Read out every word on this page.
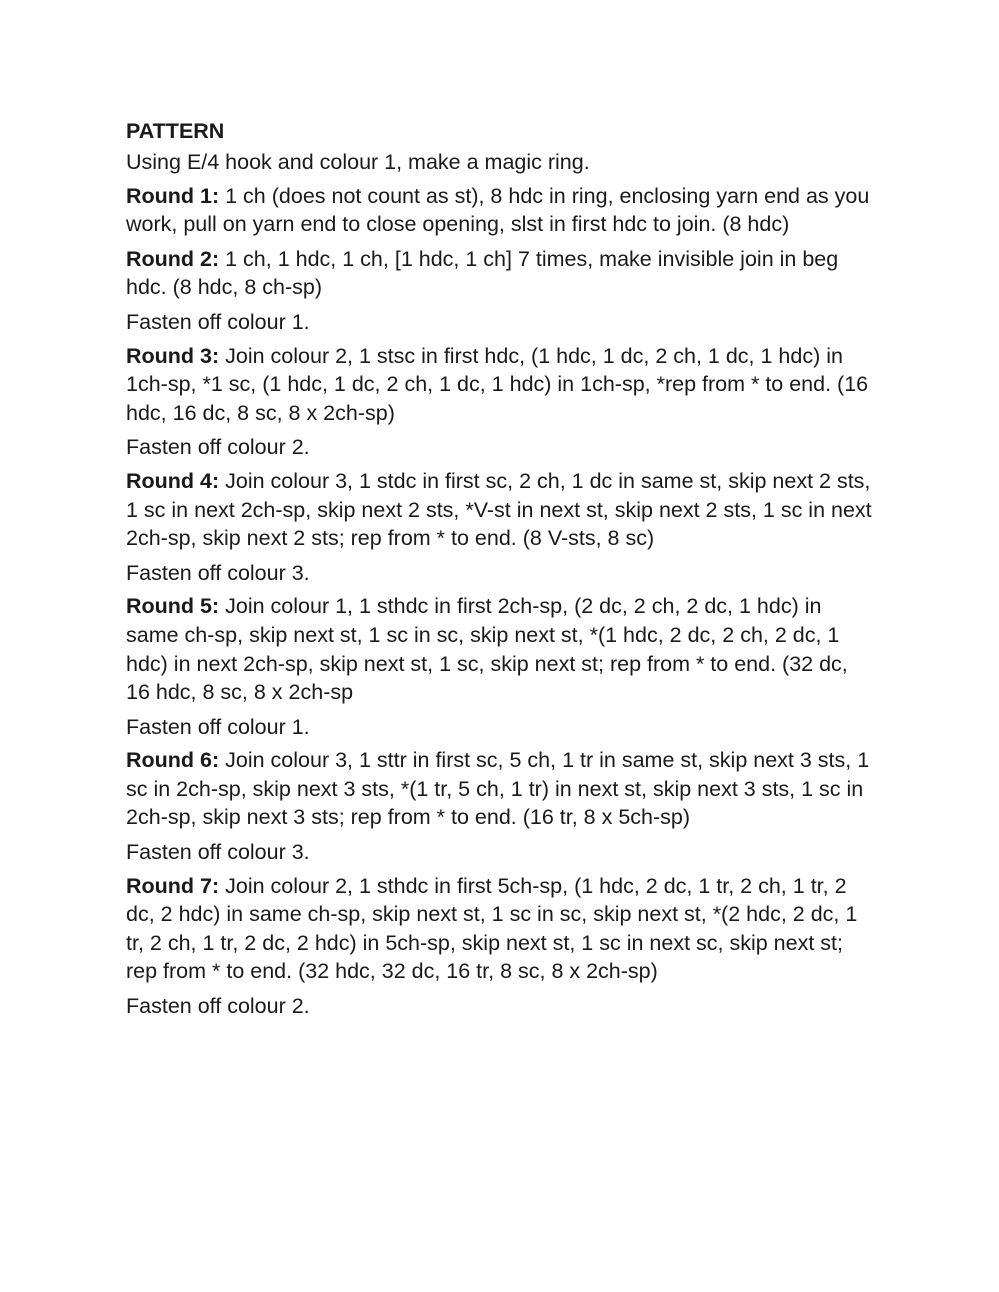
PATTERN
Using E/4 hook and colour 1, make a magic ring.
Round 1: 1 ch (does not count as st), 8 hdc in ring, enclosing yarn end as you work, pull on yarn end to close opening, slst in first hdc to join. (8 hdc)
Round 2: 1 ch, 1 hdc, 1 ch, [1 hdc, 1 ch] 7 times, make invisible join in beg hdc. (8 hdc, 8 ch-sp)
Fasten off colour 1.
Round 3: Join colour 2, 1 stsc in first hdc, (1 hdc, 1 dc, 2 ch, 1 dc, 1 hdc) in 1ch-sp, *1 sc, (1 hdc, 1 dc, 2 ch, 1 dc, 1 hdc) in 1ch-sp, *rep from * to end. (16 hdc, 16 dc, 8 sc, 8 x 2ch-sp)
Fasten off colour 2.
Round 4: Join colour 3, 1 stdc in first sc, 2 ch, 1 dc in same st, skip next 2 sts, 1 sc in next 2ch-sp, skip next 2 sts, *V-st in next st, skip next 2 sts, 1 sc in next 2ch-sp, skip next 2 sts; rep from * to end. (8 V-sts, 8 sc)
Fasten off colour 3.
Round 5: Join colour 1, 1 sthdc in first 2ch-sp, (2 dc, 2 ch, 2 dc, 1 hdc) in same ch-sp, skip next st, 1 sc in sc, skip next st, *(1 hdc, 2 dc, 2 ch, 2 dc, 1 hdc) in next 2ch-sp, skip next st, 1 sc, skip next st; rep from * to end. (32 dc, 16 hdc, 8 sc, 8 x 2ch-sp
Fasten off colour 1.
Round 6: Join colour 3, 1 sttr in first sc, 5 ch, 1 tr in same st, skip next 3 sts, 1 sc in 2ch-sp, skip next 3 sts, *(1 tr, 5 ch, 1 tr) in next st, skip next 3 sts, 1 sc in 2ch-sp, skip next 3 sts; rep from * to end. (16 tr, 8 x 5ch-sp)
Fasten off colour 3.
Round 7: Join colour 2, 1 sthdc in first 5ch-sp, (1 hdc, 2 dc, 1 tr, 2 ch, 1 tr, 2 dc, 2 hdc) in same ch-sp, skip next st, 1 sc in sc, skip next st, *(2 hdc, 2 dc, 1 tr, 2 ch, 1 tr, 2 dc, 2 hdc) in 5ch-sp, skip next st, 1 sc in next sc, skip next st; rep from * to end. (32 hdc, 32 dc, 16 tr, 8 sc, 8 x 2ch-sp)
Fasten off colour 2.
